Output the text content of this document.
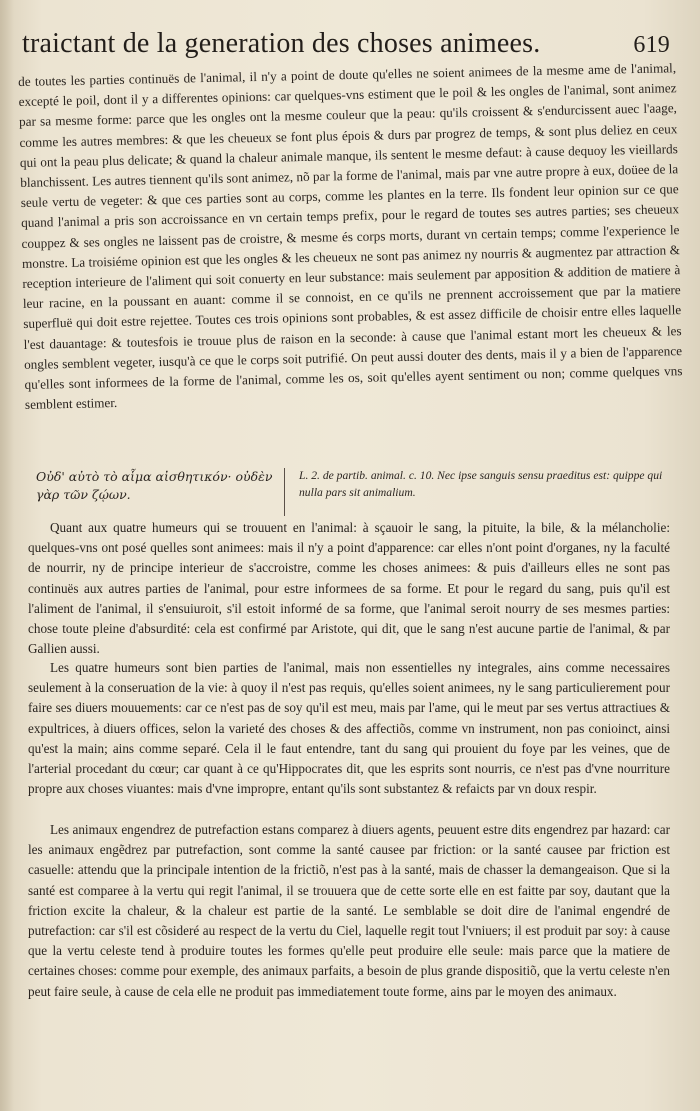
traictant de la generation des choses animees.	619

de toutes les parties continuës de l'animal, il n'y a point de doute qu'elles ne soient animees de la mesme ame de l'animal, excepté le poil, dont il y a differentes opinions: car quelques-vns estiment que le poil & les ongles de l'animal, sont animez par sa mesme forme: parce que les ongles ont la mesme couleur que la peau: qu'ils croissent & s'endurcissent auec l'aage, comme les autres membres: & que les cheueux se font plus épois & durs par progrez de temps, & sont plus deliez en ceux qui ont la peau plus delicate; & quand la chaleur animale manque, ils sentent le mesme defaut: à cause dequoy les vieillards blanchissent. Les autres tiennent qu'ils sont animez, nõ par la forme de l'animal, mais par vne autre propre à eux, doüee de la seule vertu de vegeter: & que ces parties sont au corps, comme les plantes en la terre. Ils fondent leur opinion sur ce que quand l'animal a pris son accroissance en vn certain temps prefix, pour le regard de toutes ses autres parties; ses cheueux couppez & ses ongles ne laissent pas de croistre, & mesme és corps morts, durant vn certain temps; comme l'experience le monstre. La troisiéme opinion est que les ongles & les cheueux ne sont pas animez ny nourris & augmentez par attraction & reception interieure de l'aliment qui soit conuerty en leur substance: mais seulement par apposition & addition de matiere à leur racine, en la poussant en auant: comme il se connoist, en ce qu'ils ne prennent accroissement que par la matiere superfluë qui doit estre rejettee. Toutes ces trois opinions sont probables, & est assez difficile de choisir entre elles laquelle l'est dauantage: & toutesfois ie trouue plus de raison en la seconde: à cause que l'animal estant mort les cheueux & les ongles semblent vegeter, iusqu'à ce que le corps soit putrifié. On peut aussi douter des dents, mais il y a bien de l'apparence qu'elles sont informees de la forme de l'animal, comme les os, soit qu'elles ayent sentiment ou non; comme quelques vns semblent estimer.

Οὐδ' αὐτὸ τὸ αἷμα αἰσθητικόν· οὐδὲν γὰρ τῶν ζῴων.
L. 2. de partib. animal. c. 10. Nec ipse sanguis sensu praeditus est: quippe qui nulla pars sit animalium.

Quant aux quatre humeurs qui se trouuent en l'animal: à sçauoir le sang, la pituite, la bile, & la mélancholie: quelques-vns ont posé quelles sont animees: mais il n'y a point d'apparence: car elles n'ont point d'organes, ny la faculté de nourrir, ny de principe interieur de s'accroistre, comme les choses animees: & puis d'ailleurs elles ne sont pas continuës aux autres parties de l'animal, pour estre informees de sa forme. Et pour le regard du sang, puis qu'il est l'aliment de l'animal, il s'ensuiuroit, s'il estoit informé de sa forme, que l'animal seroit nourry de ses mesmes parties: chose toute pleine d'absurdité: cela est confirmé par Aristote, qui dit, que le sang n'est aucune partie de l'animal, & par Gallien aussi.

Les quatre humeurs sont bien parties de l'animal, mais non essentielles ny integrales, ains comme necessaires seulement à la conseruation de la vie: à quoy il n'est pas requis, qu'elles soient animees, ny le sang particulierement pour faire ses diuers mouuements: car ce n'est pas de soy qu'il est meu, mais par l'ame, qui le meut par ses vertus attractiues & expultrices, à diuers offices, selon la varieté des choses & des affectiõs, comme vn instrument, non pas conioinct, ainsi qu'est la main; ains comme separé. Cela il le faut entendre, tant du sang qui prouient du foye par les veines, que de l'arterial procedant du cœur; car quant à ce qu'Hippocrates dit, que les esprits sont nourris, ce n'est pas d'vne nourriture propre aux choses viuantes: mais d'vne impropre, entant qu'ils sont substantez & refaicts par vn doux respir.

Les animaux engendrez de putrefaction estans comparez à diuers agents, peuuent estre dits engendrez par hazard: car les animaux engẽdrez par putrefaction, sont comme la santé causee par friction: or la santé causee par friction est casuelle: attendu que la principale intention de la frictiõ, n'est pas à la santé, mais de chasser la demangeaison. Que si la santé est comparee à la vertu qui regit l'animal, il se trouuera que de cette sorte elle en est faitte par soy, dautant que la friction excite la chaleur, & la chaleur est partie de la santé. Le semblable se doit dire de l'animal engendré de putrefaction: car s'il est cõsideré au respect de la vertu du Ciel, laquelle regit tout l'vniuers; il est produit par soy: à cause que la vertu celeste tend à produire toutes les formes qu'elle peut produire elle seule: mais parce que la matiere de certaines choses: comme pour exemple, des animaux parfaits, a besoin de plus grande dispositiõ, que la vertu celeste n'en peut faire seule, à cause de cela elle ne produit pas immediatement toute forme, ains par le moyen des animaux.
